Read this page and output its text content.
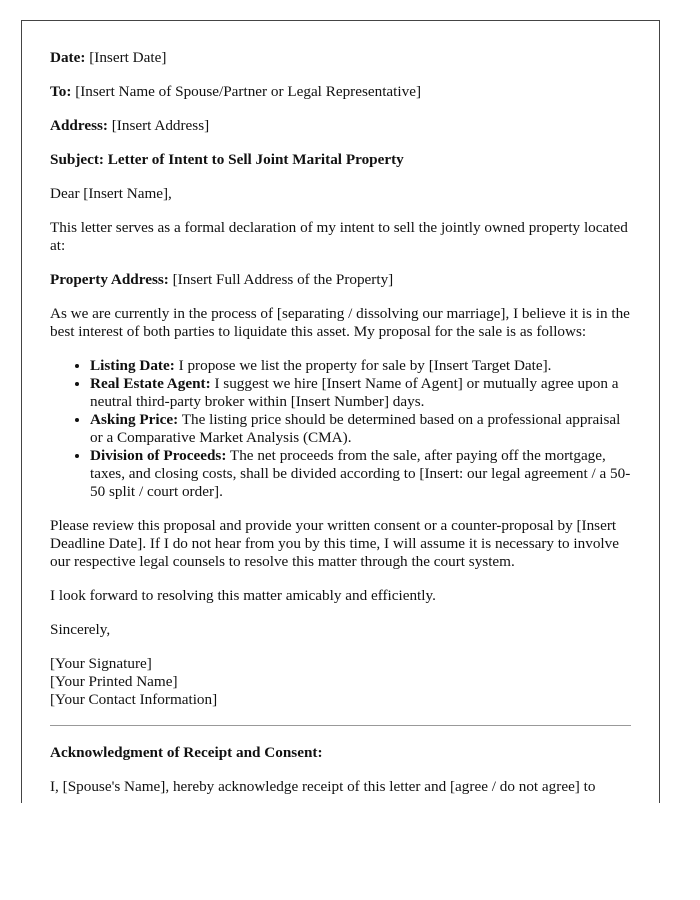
Date: [Insert Date]

To: [Insert Name of Spouse/Partner or Legal Representative]

Address: [Insert Address]

Subject: Letter of Intent to Sell Joint Marital Property

Dear [Insert Name],

This letter serves as a formal declaration of my intent to sell the jointly owned property located at:

Property Address: [Insert Full Address of the Property]

As we are currently in the process of [separating / dissolving our marriage], I believe it is in the best interest of both parties to liquidate this asset. My proposal for the sale is as follows:

• Listing Date: I propose we list the property for sale by [Insert Target Date].
• Real Estate Agent: I suggest we hire [Insert Name of Agent] or mutually agree upon a neutral third-party broker within [Insert Number] days.
• Asking Price: The listing price should be determined based on a professional appraisal or a Comparative Market Analysis (CMA).
• Division of Proceeds: The net proceeds from the sale, after paying off the mortgage, taxes, and closing costs, shall be divided according to [Insert: our legal agreement / a 50-50 split / court order].

Please review this proposal and provide your written consent or a counter-proposal by [Insert Deadline Date]. If I do not hear from you by this time, I will assume it is necessary to involve our respective legal counsels to resolve this matter through the court system.

I look forward to resolving this matter amicably and efficiently.

Sincerely,

[Your Signature]
[Your Printed Name]
[Your Contact Information]

Acknowledgment of Receipt and Consent:

I, [Spouse's Name], hereby acknowledge receipt of this letter and [agree / do not agree] to
